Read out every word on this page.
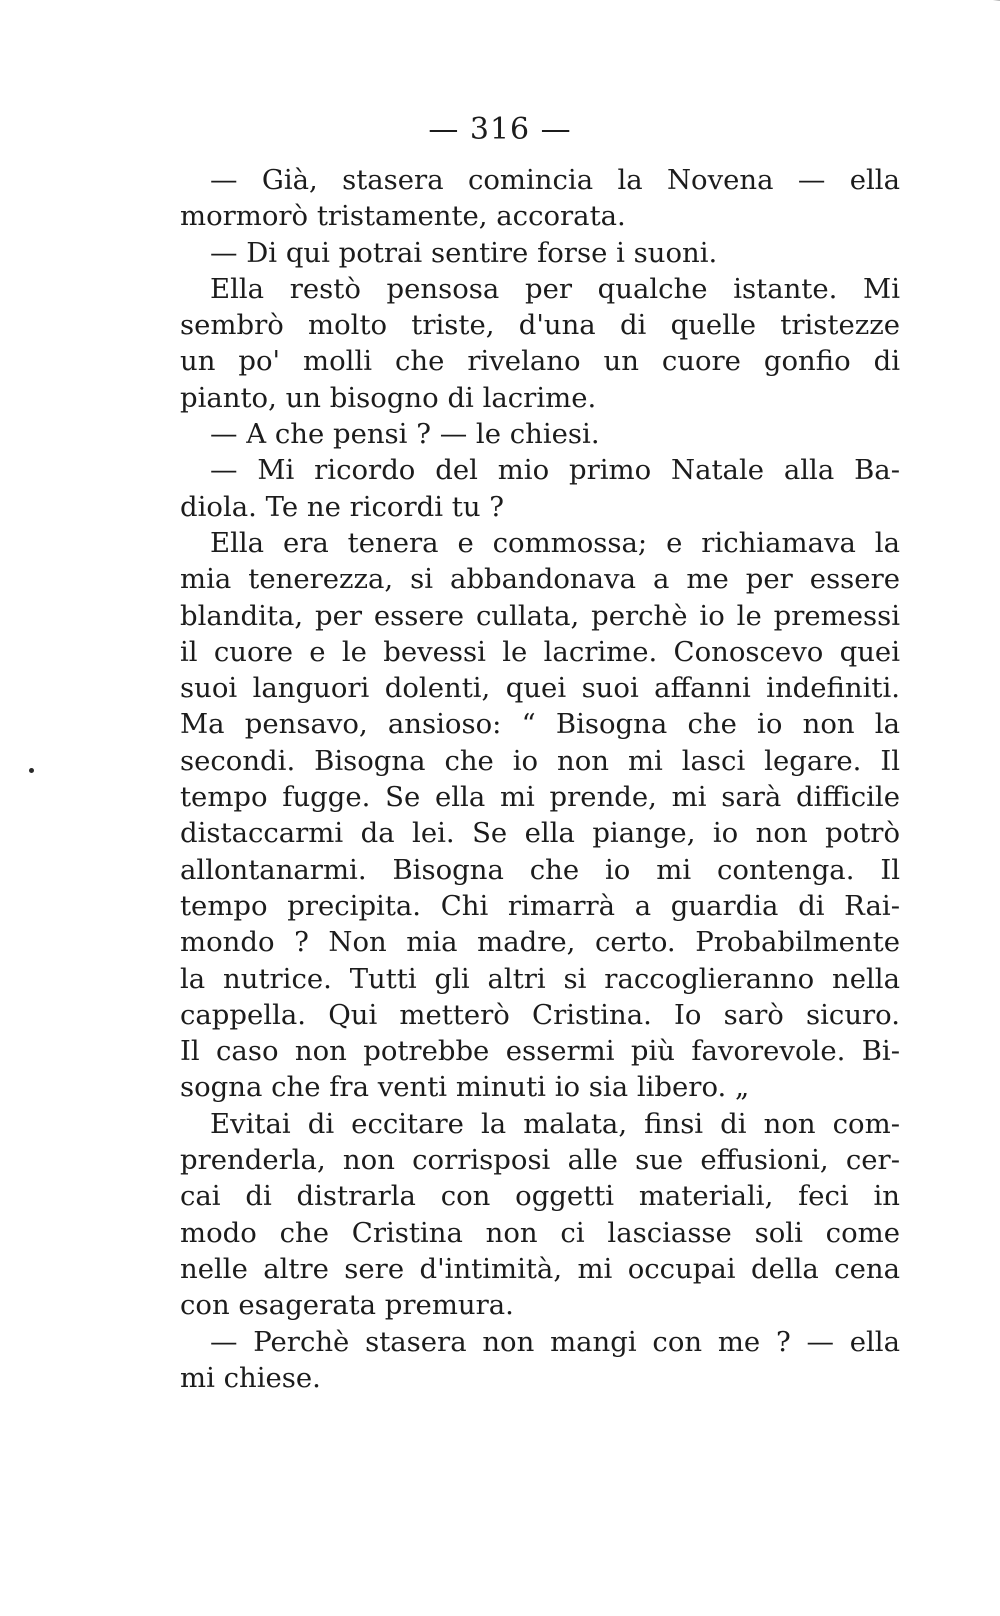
— 316 —
— Già, stasera comincia la Novena — ella
mormorò tristamente, accorata.
— Di qui potrai sentire forse i suoni.
Ella restò pensosa per qualche istante. Mi
sembrò molto triste, d'una di quelle tristezze
un po' molli che rivelano un cuore gonfio di
pianto, un bisogno di lacrime.
— A che pensi ? — le chiesi.
— Mi ricordo del mio primo Natale alla Ba-
diola. Te ne ricordi tu ?
Ella era tenera e commossa; e richiamava la
mia tenerezza, si abbandonava a me per essere
blandita, per essere cullata, perchè io le premessi
il cuore e le bevessi le lacrime. Conoscevo quei
suoi languori dolenti, quei suoi affanni indefiniti.
Ma pensavo, ansioso: “ Bisogna che io non la
secondi. Bisogna che io non mi lasci legare. Il
tempo fugge. Se ella mi prende, mi sarà difficile
distaccarmi da lei. Se ella piange, io non potrò
allontanarmi. Bisogna che io mi contenga. Il
tempo precipita. Chi rimarrà a guardia di Rai-
mondo ? Non mia madre, certo. Probabilmente
la nutrice. Tutti gli altri si raccoglieranno nella
cappella. Qui metterò Cristina. Io sarò sicuro.
Il caso non potrebbe essermi più favorevole. Bi-
sogna che fra venti minuti io sia libero. „
Evitai di eccitare la malata, finsi di non com-
prenderla, non corrisposi alle sue effusioni, cer-
cai di distrarla con oggetti materiali, feci in
modo che Cristina non ci lasciasse soli come
nelle altre sere d'intimità, mi occupai della cena
con esagerata premura.
— Perchè stasera non mangi con me ? — ella
mi chiese.
